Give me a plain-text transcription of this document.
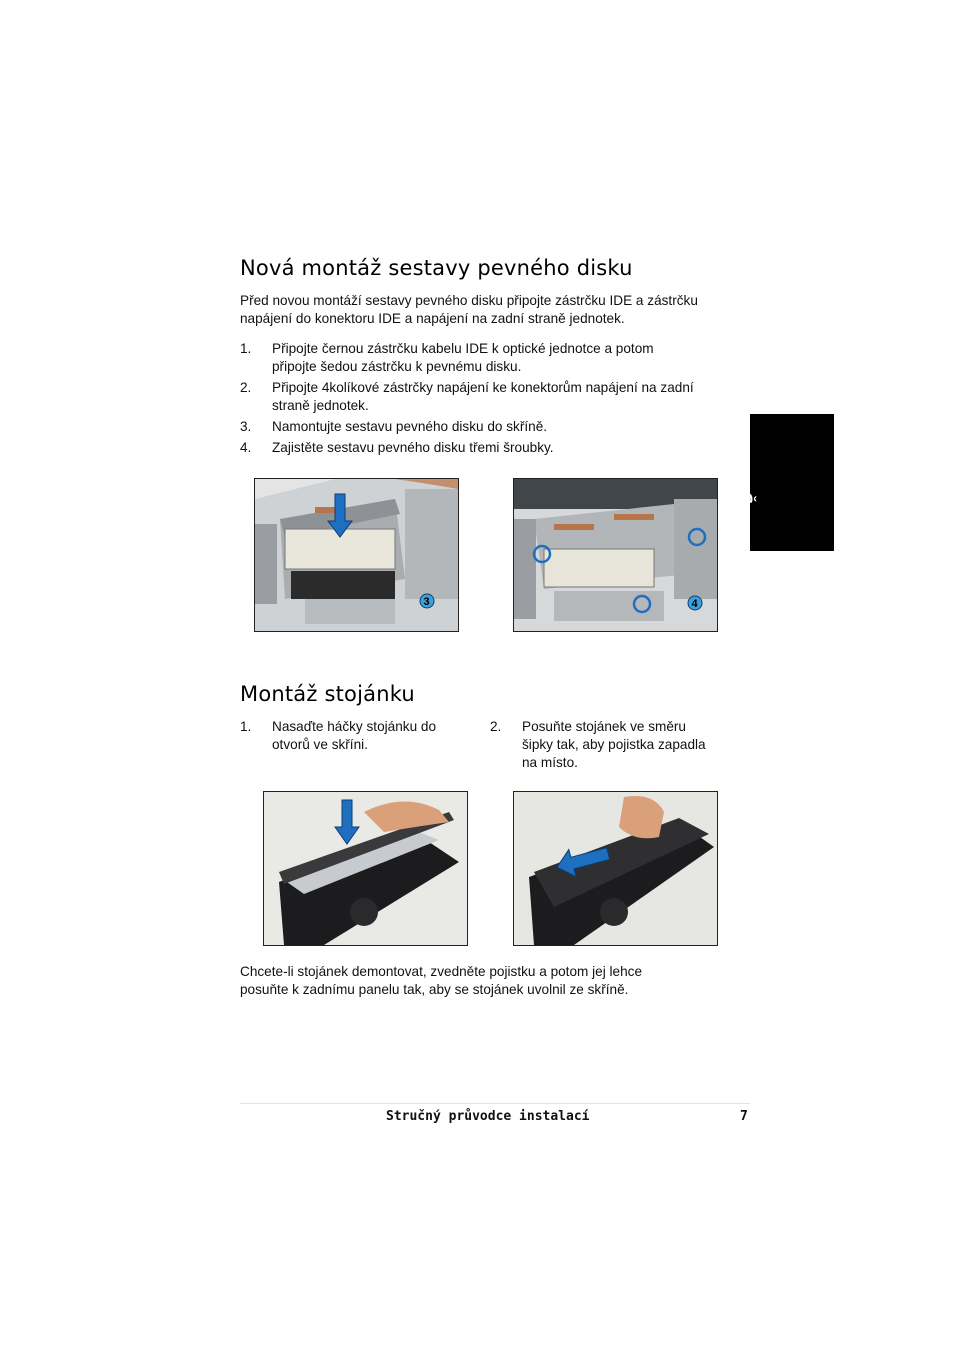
Nová montáž sestavy pevného disku
Před novou montáží sestavy pevného disku připojte zástrčku IDE a zástrčku
napájení do konektoru IDE a napájení na zadní straně jednotek.
1.	Připojte černou zástrčku kabelu IDE k optické jednotce a potom
připojte šedou zástrčku k pevnému disku.
2.	Připojte 4kolíkové zástrčky napájení ke konektorům napájení na zadní
straně jednotek.
3.	Namontujte sestavu pevného disku do skříně.
4.	Zajistěte sestavu pevného disku třemi šroubky.
3	4
Montáž stojánku
1.	Nasaďte háčky stojánku do
otvorů ve skříni.
2.	Posuňte stojánek ve směru
šipky tak, aby pojistka zapadla
na místo.
Chcete-li stojánek demontovat, zvedněte pojistku a potom jej lehce
posuňte k zadnímu panelu tak, aby se stojánek uvolnil ze skříně.
Č
Stručný průvodce instalací	7
